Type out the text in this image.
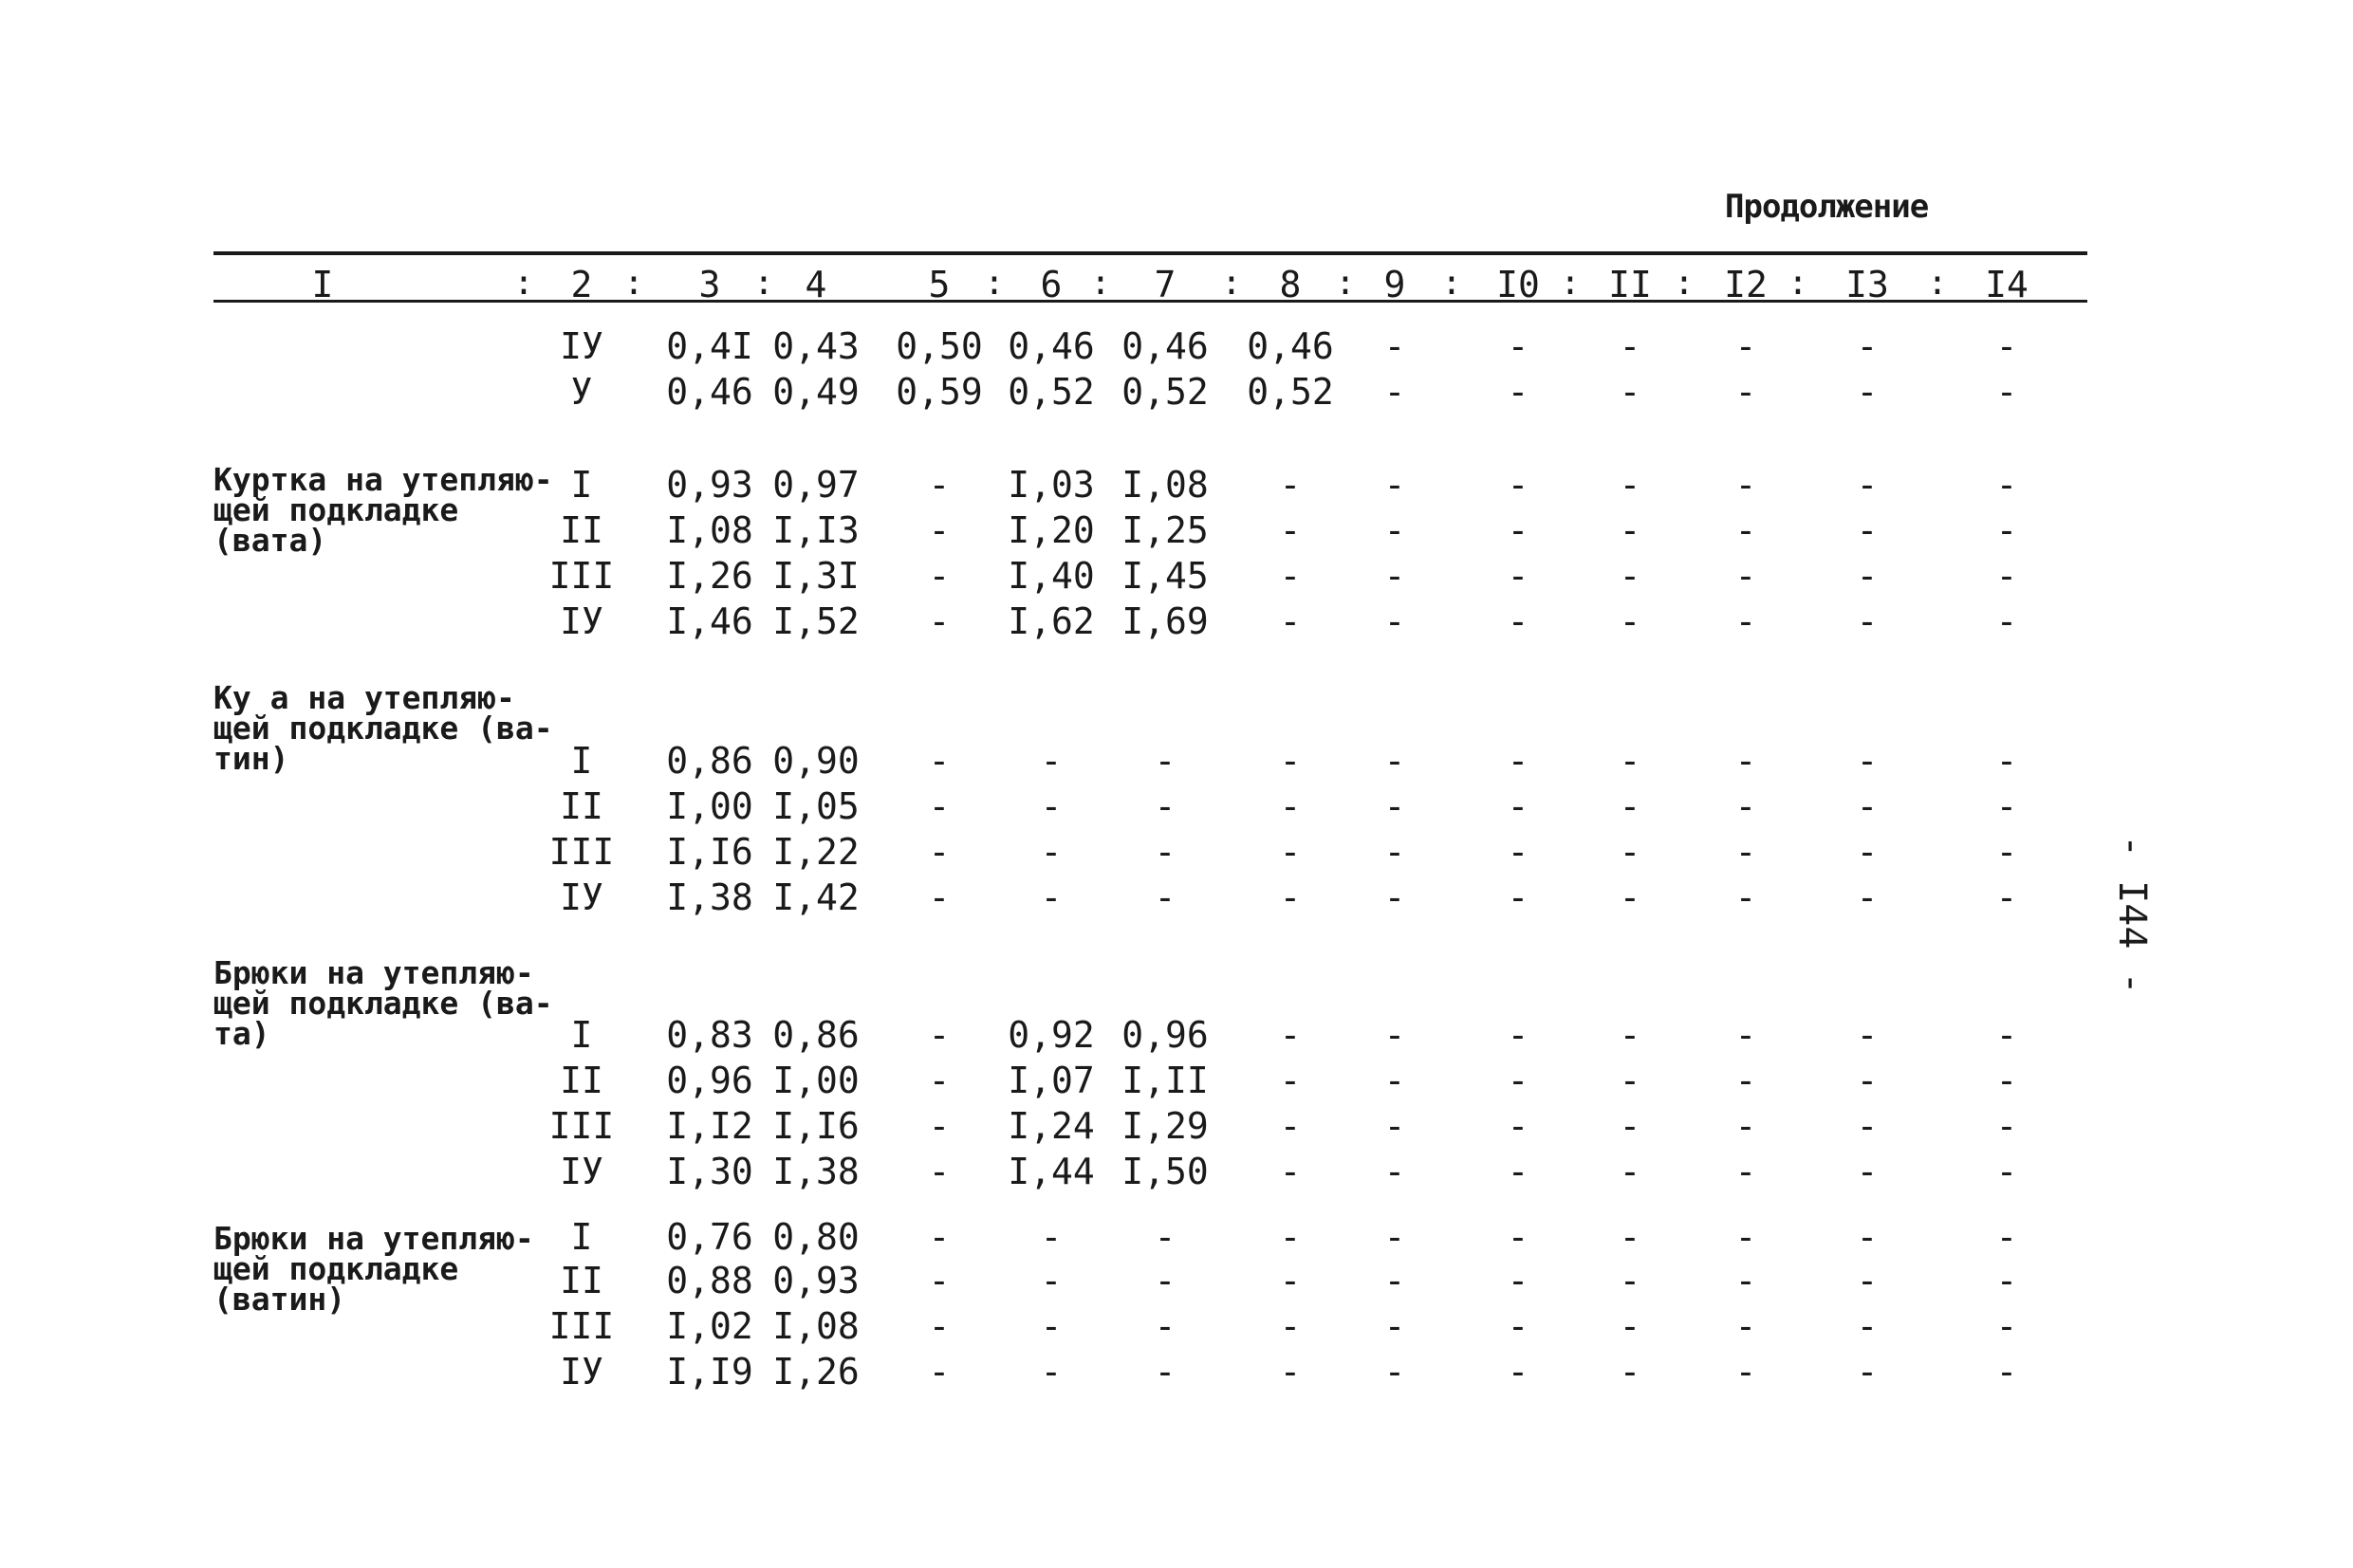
Продолжение
I	2	3 4	5	6	7	8 9	I0 II I2 I3	I4
:	:	:	:	:	:	:	:	:	:	:	:
IУ 0,4I 0,43 0,50 0,46 0,46 0,46 -	-	-	-	-	-
У 0,46 0,49 0,59 0,52 0,52 0,52 -	-	-	-	-	-
Куртка на утепляю-
щей подкладке
(вата)
I 0,93 0,97 - I,03 I,08 - -	-	-	-	-	-
II I,08 I,I3 - I,20 I,25 - -	-	-	-	-	-
III I,26 I,3I - I,40 I,45 - -	-	-	-	-	-
IУ I,46 I,52 - I,62 I,69 - -	-	-	-	-	-
Ку а на утепляю-
щей подкладке (ва-
тин)	I 0,86 0,90 -	-	-	- -	-	-	-	-	-
II I,00 I,05 -	-	-	- -	-	-	-	-	-
III I,I6 I,22 -	-	-	- -	-	-	-	-	-
IУ I,38 I,42 -	-	-	- -	-	-	-	-	-
Брюки на утепляю-
щей подкладке (ва-
та)	I 0,83 0,86 - 0,92 0,96 - -	-	-	-	-	-
II 0,96 I,00 - I,07 I,II - -	-	-	-	-	-
III I,I2 I,I6 - I,24 I,29 - -	-	-	-	-	-
IУ I,30 I,38 - I,44 I,50 - -	-	-	-	-	-
Брюки на утепляю-
щей подкладке
(ватин)
I 0,76 0,80 -	-	-	- -	-	-	-	-	-
II 0,88 0,93 -	-	-	- -	-	-	-	-	-
III I,02 I,08 -	-	-	- -	-	-	-	-	-
IУ I,I9 I,26 -	-	-	- -	-	-	-	-	-
- I44 -
